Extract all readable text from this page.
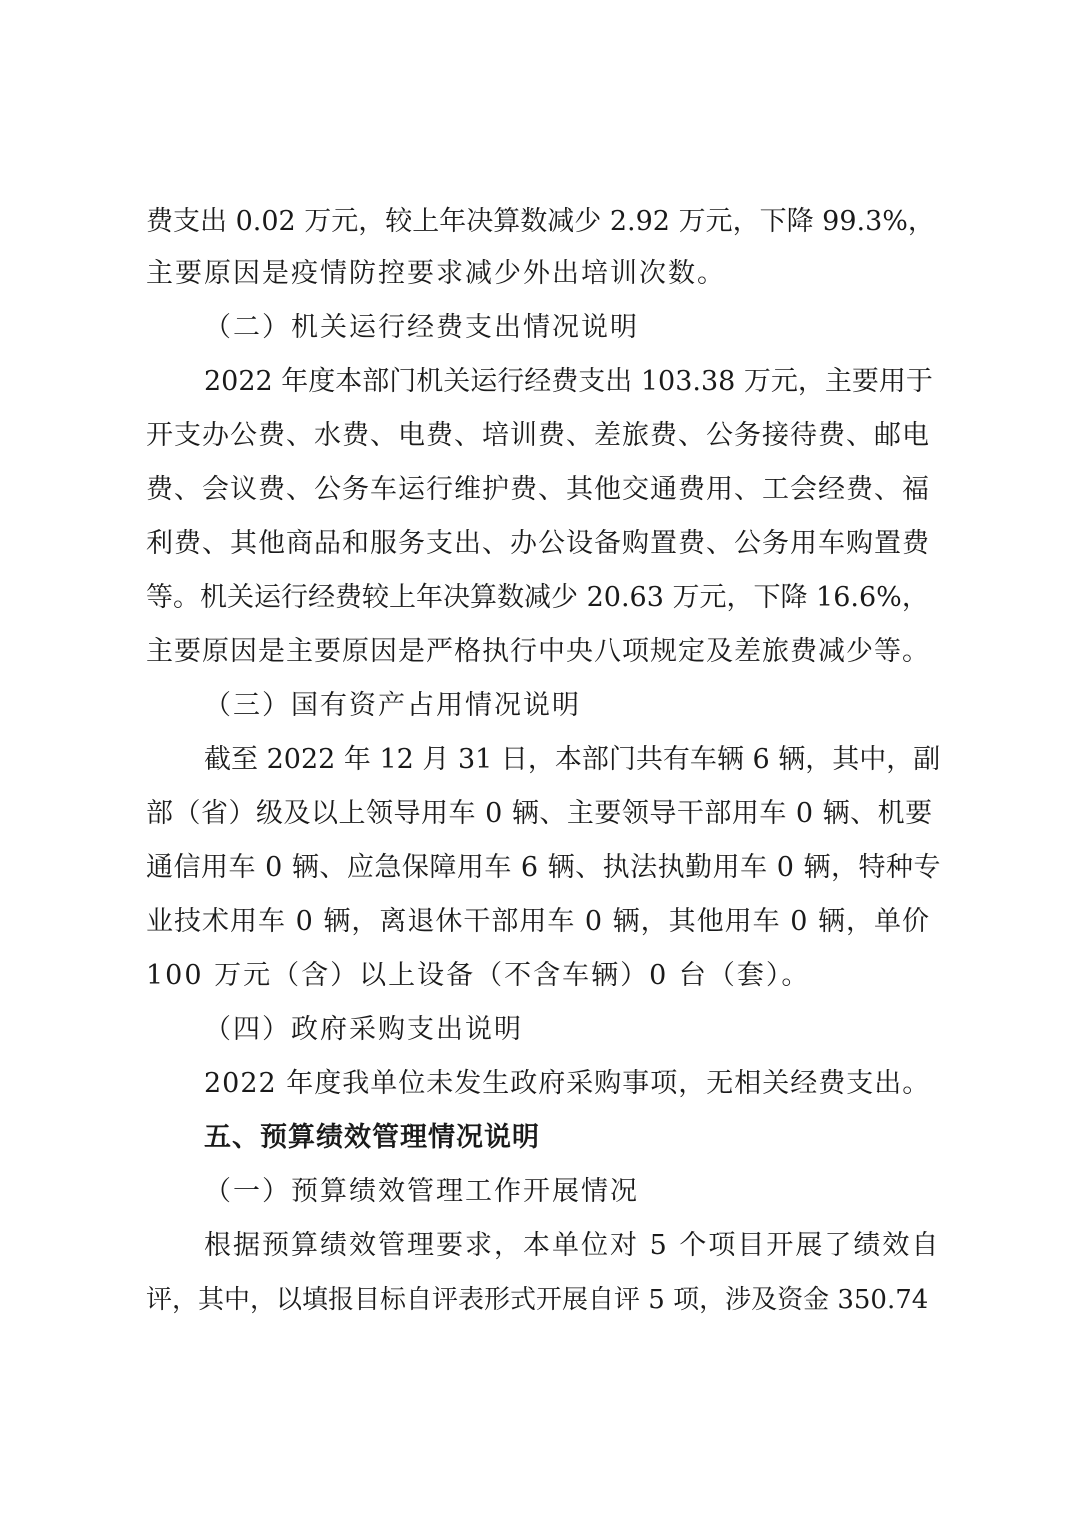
费支出 0.02 万元，较上年决算数减少 2.92 万元，下降 99.3%，
主要原因是疫情防控要求减少外出培训次数。
（二）机关运行经费支出情况说明
2022 年度本部门机关运行经费支出 103.38 万元，主要用于
开支办公费、水费、电费、培训费、差旅费、公务接待费、邮电
费、会议费、公务车运行维护费、其他交通费用、工会经费、福
利费、其他商品和服务支出、办公设备购置费、公务用车购置费
等。机关运行经费较上年决算数减少 20.63 万元，下降 16.6%，
主要原因是主要原因是严格执行中央八项规定及差旅费减少等。
（三）国有资产占用情况说明
截至 2022 年 12 月 31 日，本部门共有车辆 6 辆，其中，副
部（省）级及以上领导用车 0 辆、主要领导干部用车 0 辆、机要
通信用车 0 辆、应急保障用车 6 辆、执法执勤用车 0 辆，特种专
业技术用车 0 辆，离退休干部用车 0 辆，其他用车 0 辆，单价
100 万元（含）以上设备（不含车辆）0 台（套）。
（四）政府采购支出说明
2022 年度我单位未发生政府采购事项，无相关经费支出。
五、预算绩效管理情况说明
（一）预算绩效管理工作开展情况
根据预算绩效管理要求，本单位对 5 个项目开展了绩效自
评，其中，以填报目标自评表形式开展自评 5 项，涉及资金 350.74
